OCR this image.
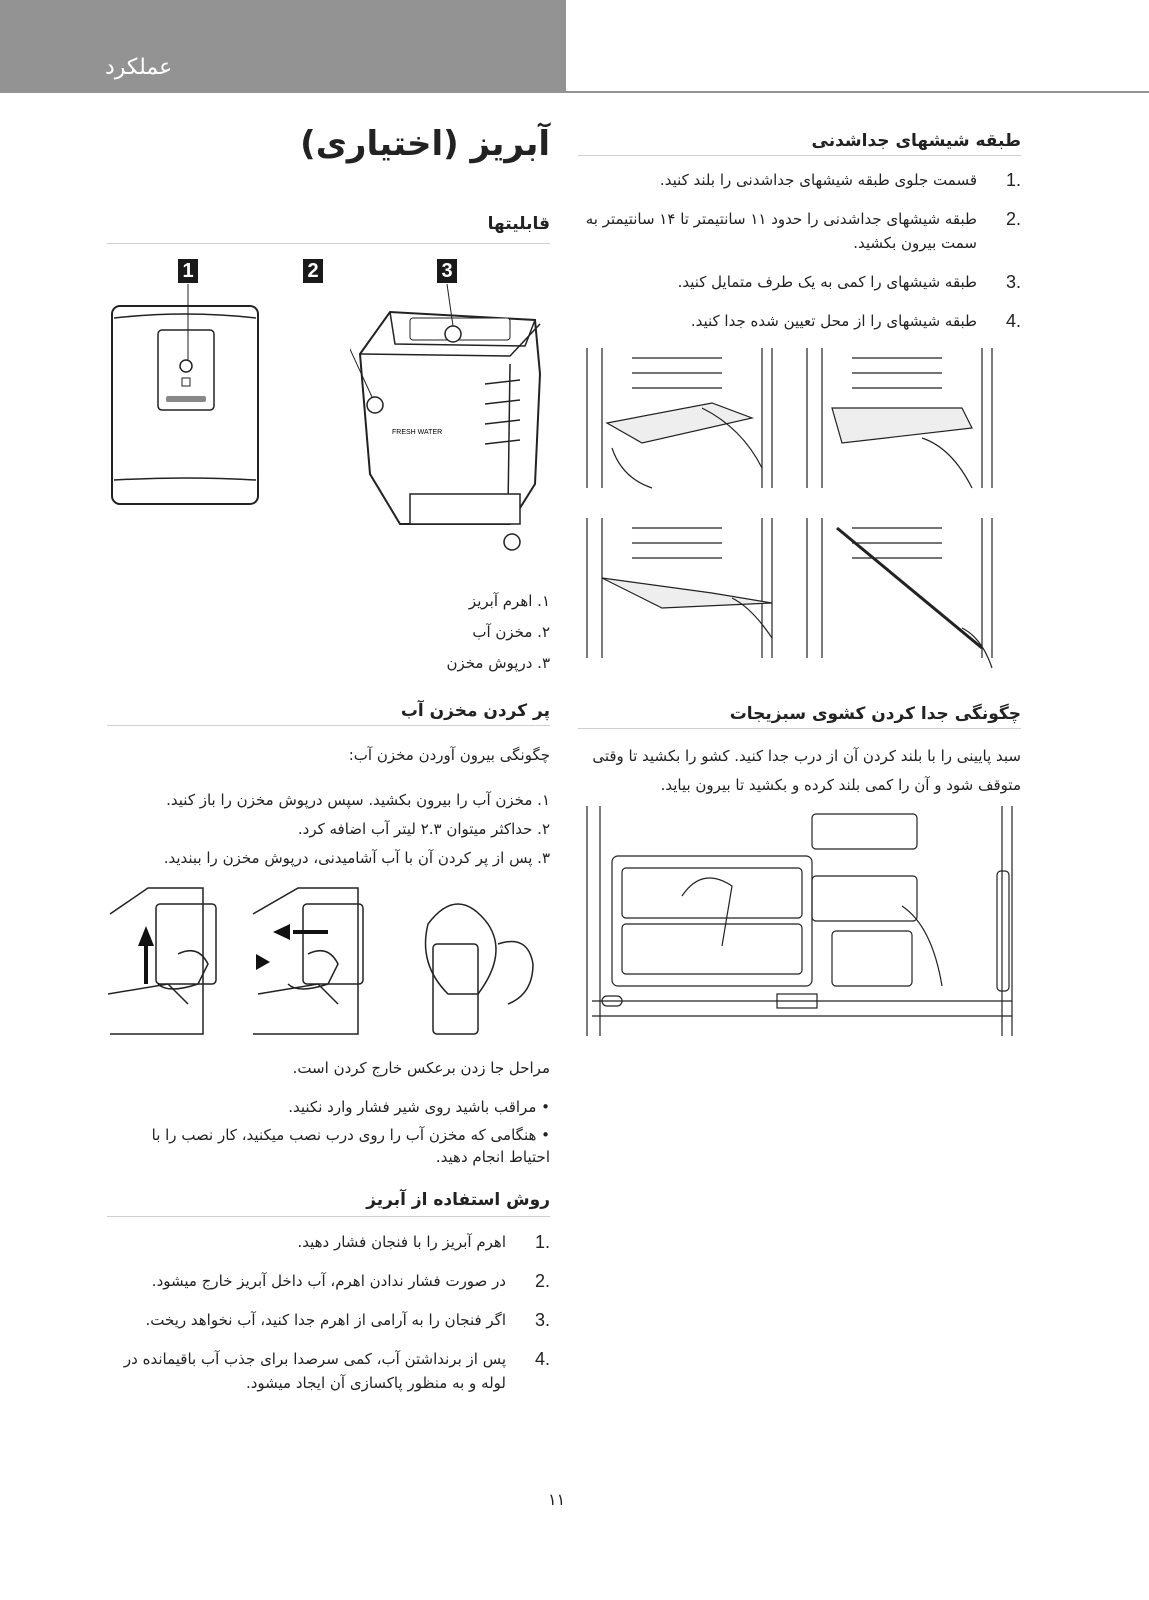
عملکرد
آبریز (اختیاری)
قابلیتها
1	2	3
FRESH WATER
۱. اهرم آبریز
۲. مخزن آب
۳. درپوش مخزن
پر کردن مخزن آب
چگونگی بیرون آوردن مخزن آب:
۱. مخزن آب را بیرون بکشید. سپس درپوش مخزن را باز کنید.
۲. حداکثر میتوان ۲.۳ لیتر آب اضافه کرد.
۳. پس از پر کردن آن با آب آشامیدنی، درپوش مخزن را ببندید.
مراحل جا زدن برعکس خارج کردن است.
• مراقب باشید روی شیر فشار وارد نکنید.
• هنگامی که مخزن آب را روی درب نصب میکنید، کار نصب را با احتیاط انجام دهید.
روش استفاده از آبریز
1.
اهرم آبریز را با فنجان فشار دهید.
2.
در صورت فشار ندادن اهرم، آب داخل آبریز خارج میشود.
3.
اگر فنجان را به آرامی از اهرم جدا کنید، آب نخواهد ریخت.
4.
پس از برنداشتن آب، کمی سرصدا برای جذب آب باقیمانده در لوله و به منظور پاکسازی آن ایجاد میشود.
طبقه شیشهای جداشدنی
1.
قسمت جلوی طبقه شیشهای جداشدنی را بلند کنید.
2.
طبقه شیشهای جداشدنی را حدود ۱۱ سانتیمتر تا ۱۴ سانتیمتر به سمت بیرون بکشید.
3.
طبقه شیشهای را کمی به یک طرف متمایل کنید.
4.
طبقه شیشهای را از محل تعیین شده جدا کنید.
چگونگی جدا کردن کشوی سبزیجات
سبد پایینی را با بلند کردن آن از درب جدا کنید. کشو را بکشید تا وقتی متوقف شود و آن را کمی بلند کرده و بکشید تا بیرون بیاید.
۱۱
